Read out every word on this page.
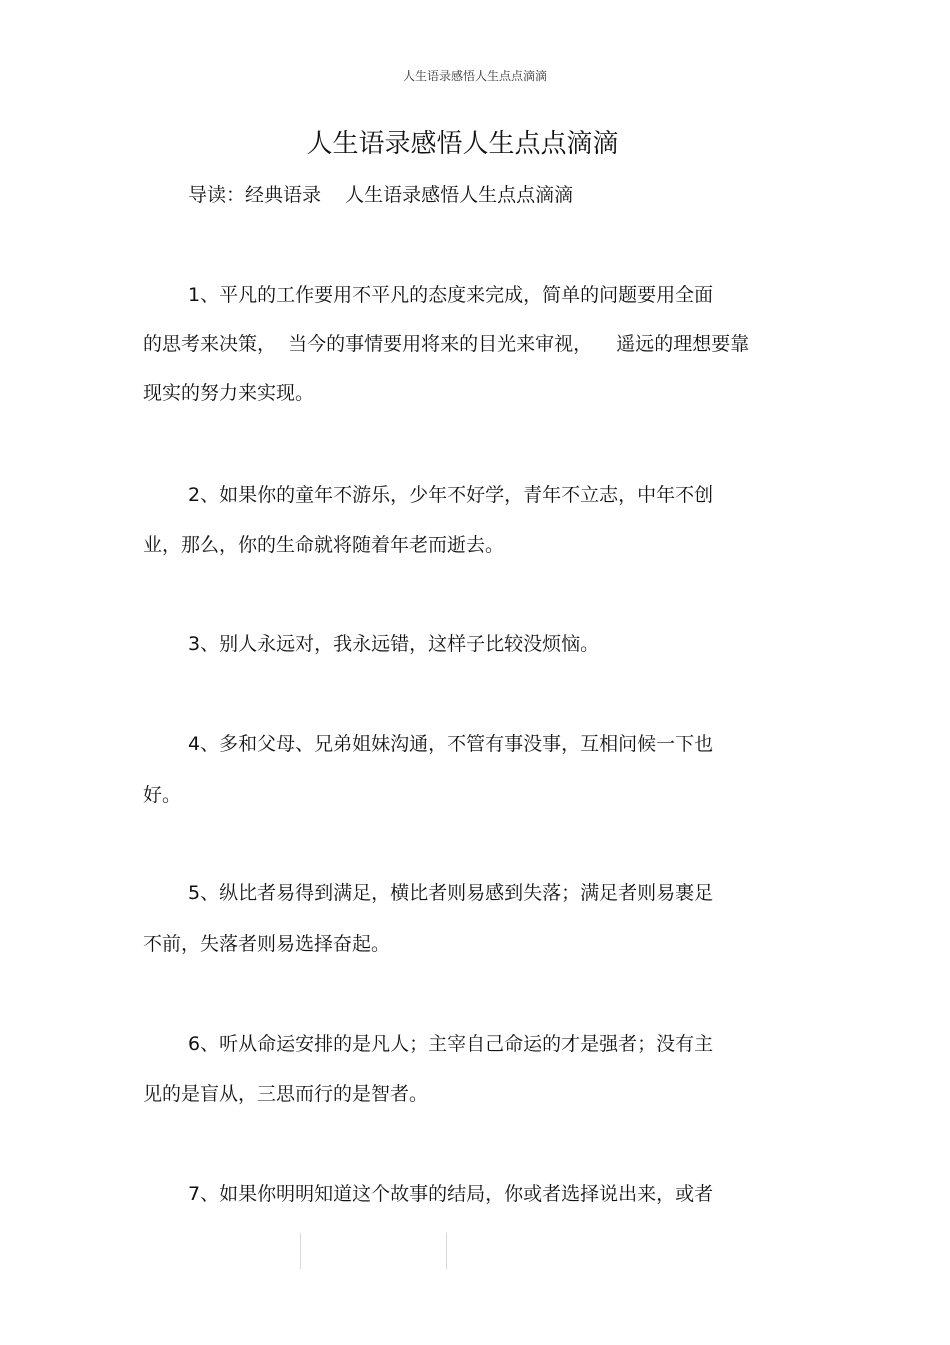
人生语录感悟人生点点滴滴
人生语录感悟人生点点滴滴
导读：经典语录    人生语录感悟人生点点滴滴
1、平凡的工作要用不平凡的态度来完成，简单的问题要用全面
的思考来决策，  当今的事情要用将来的目光来审视，    遥远的理想要靠
现实的努力来实现。
2、如果你的童年不游乐，少年不好学，青年不立志，中年不创
业，那么，你的生命就将随着年老而逝去。
3、别人永远对，我永远错，这样子比较没烦恼。
4、多和父母、兄弟姐妹沟通，不管有事没事，互相问候一下也
好。
5、纵比者易得到满足，横比者则易感到失落；满足者则易裹足
不前，失落者则易选择奋起。
6、听从命运安排的是凡人；主宰自己命运的才是强者；没有主
见的是盲从，三思而行的是智者。
7、如果你明明知道这个故事的结局，你或者选择说出来，或者
